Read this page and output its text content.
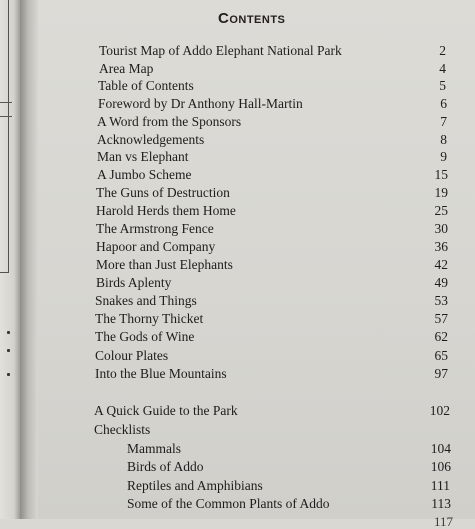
Contents
Tourist Map of Addo Elephant National Park	2
Area Map	4
Table of Contents	5
Foreword by Dr Anthony Hall-Martin	6
A Word from the Sponsors	7
Acknowledgements	8
Man vs Elephant	9
A Jumbo Scheme	15
The Guns of Destruction	19
Harold Herds them Home	25
The Armstrong Fence	30
Hapoor and Company	36
More than Just Elephants	42
Birds Aplenty	49
Snakes and Things	53
The Thorny Thicket	57
The Gods of Wine	62
Colour Plates	65
Into the Blue Mountains	97
A Quick Guide to the Park	102
Checklists
Mammals	104
Birds of Addo	106
Reptiles and Amphibians	111
Some of the Common Plants of Addo	113
117
